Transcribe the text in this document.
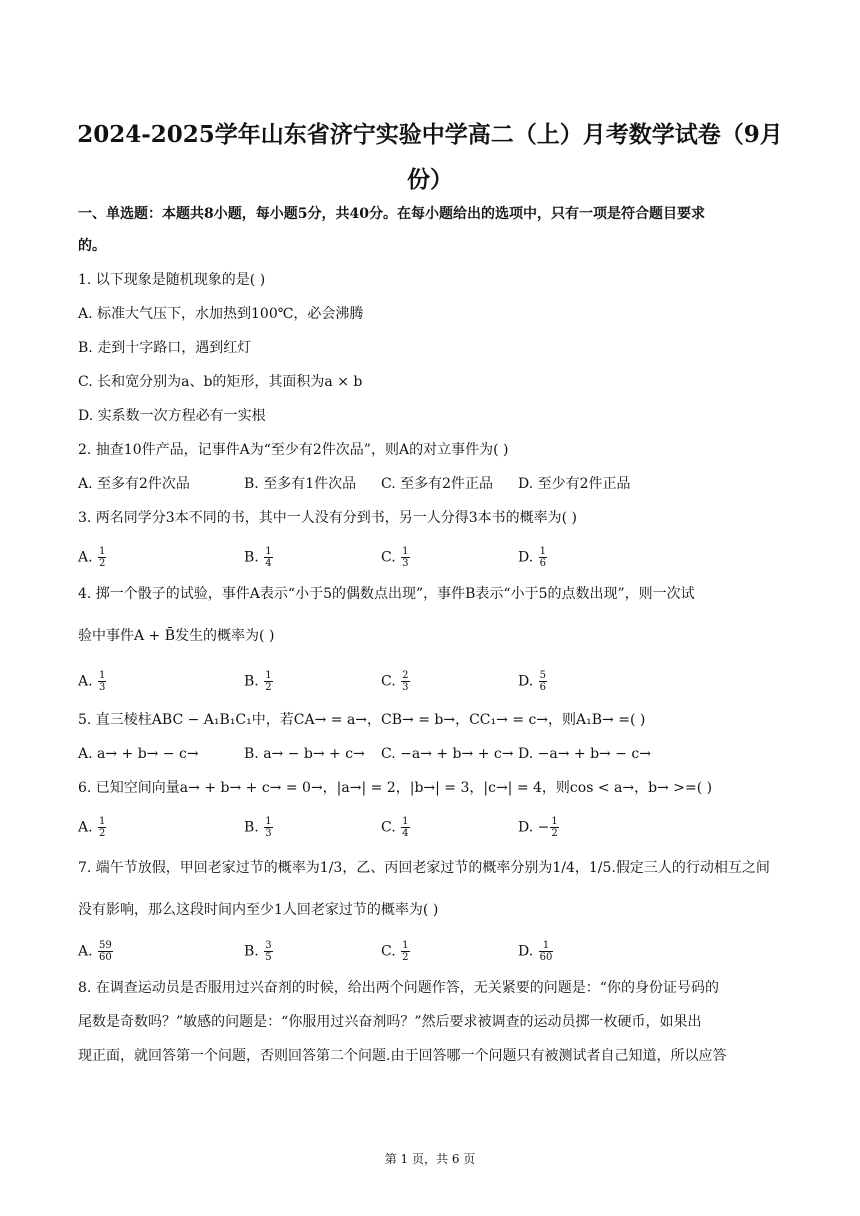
2024-2025学年山东省济宁实验中学高二（上）月考数学试卷（9月
份）
一、单选题：本题共8小题，每小题5分，共40分。在每小题给出的选项中，只有一项是符合题目要求
的。
1. 以下现象是随机现象的是( )
A. 标准大气压下，水加热到100℃，必会沸腾
B. 走到十字路口，遇到红灯
C. 长和宽分别为a、b的矩形，其面积为a × b
D. 实系数一次方程必有一实根
2. 抽查10件产品，记事件A为“至少有2件次品”，则A的对立事件为( )
A. 至多有2件次品	B. 至多有1件次品 C. 至多有2件正品 D. 至少有2件正品
3. 两名同学分3本不同的书，其中一人没有分到书，另一人分得3本书的概率为( )
A. $\frac{1}{2}$	B. $\frac{1}{4}$	C. $\frac{1}{3}$	D. $\frac{1}{6}$
4. 掷一个骰子的试验，事件A表示“小于5的偶数点出现”，事件B表示“小于5的点数出现”，则一次试
验中事件A + B̄发生的概率为( )
A. $\frac{1}{3}$	B. $\frac{1}{2}$	C. $\frac{2}{3}$	D. $\frac{5}{6}$
5. 直三棱柱ABC − A₁B₁C₁中，若CA→ = a→，CB→ = b→，CC₁→ = c→，则A₁B→ =( )
A. a→ + b→ − c→	B. a→ − b→ + c→ C. −a→ + b→ + c→ D. −a→ + b→ − c→
6. 已知空间向量a→ + b→ + c→ = 0→，|a→| = 2，|b→| = 3，|c→| = 4，则cos < a→，b→ >=( )
A. $\frac{1}{2}$	B. $\frac{1}{3}$	C. $\frac{1}{4}$	D. − $\frac{1}{2}$
7. 端午节放假，甲回老家过节的概率为1/3，乙、丙回老家过节的概率分别为1/4，1/5.假定三人的行动相互之间
没有影响，那么这段时间内至少1人回老家过节的概率为( )
A. $\frac{59}{60}$	B. $\frac{3}{5}$	C. $\frac{1}{2}$	D. $\frac{1}{60}$
8. 在调查运动员是否服用过兴奋剂的时候，给出两个问题作答，无关紧要的问题是：“你的身份证号码的
尾数是奇数吗？”敏感的问题是：“你服用过兴奋剂吗？”然后要求被调查的运动员掷一枚硬币，如果出
现正面，就回答第一个问题，否则回答第二个问题.由于回答哪一个问题只有被测试者自己知道，所以应答
第 1 页，共 6 页
